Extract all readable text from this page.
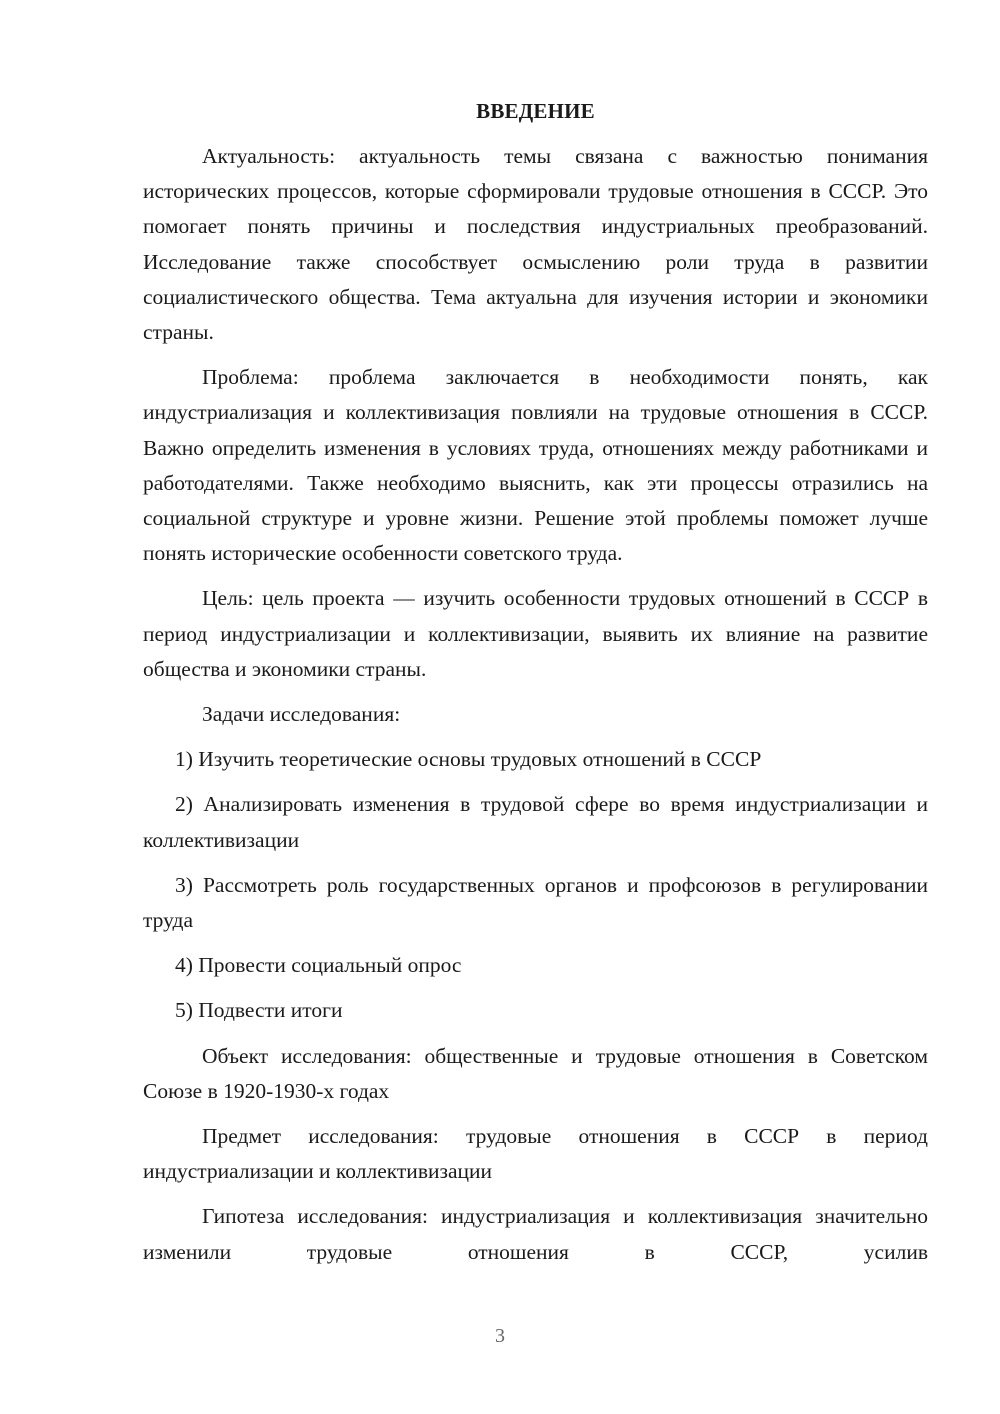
ВВЕДЕНИЕ

Актуальность: актуальность темы связана с важностью понимания исторических процессов, которые сформировали трудовые отношения в СССР. Это помогает понять причины и последствия индустриальных преобразований. Исследование также способствует осмыслению роли труда в развитии социалистического общества. Тема актуальна для изучения истории и экономики страны.

Проблема: проблема заключается в необходимости понять, как индустриализация и коллективизация повлияли на трудовые отношения в СССР. Важно определить изменения в условиях труда, отношениях между работниками и работодателями. Также необходимо выяснить, как эти процессы отразились на социальной структуре и уровне жизни. Решение этой проблемы поможет лучше понять исторические особенности советского труда.

Цель: цель проекта — изучить особенности трудовых отношений в СССР в период индустриализации и коллективизации, выявить их влияние на развитие общества и экономики страны.

Задачи исследования:

1) Изучить теоретические основы трудовых отношений в СССР

2) Анализировать изменения в трудовой сфере во время индустриализации и коллективизации

3) Рассмотреть роль государственных органов и профсоюзов в регулировании труда

4) Провести социальный опрос

5) Подвести итоги

Объект исследования: общественные и трудовые отношения в Советском Союзе в 1920-1930-х годах

Предмет исследования: трудовые отношения в СССР в период индустриализации и коллективизации

Гипотеза исследования: индустриализация и коллективизация значительно изменили трудовые отношения в СССР, усилив

3
